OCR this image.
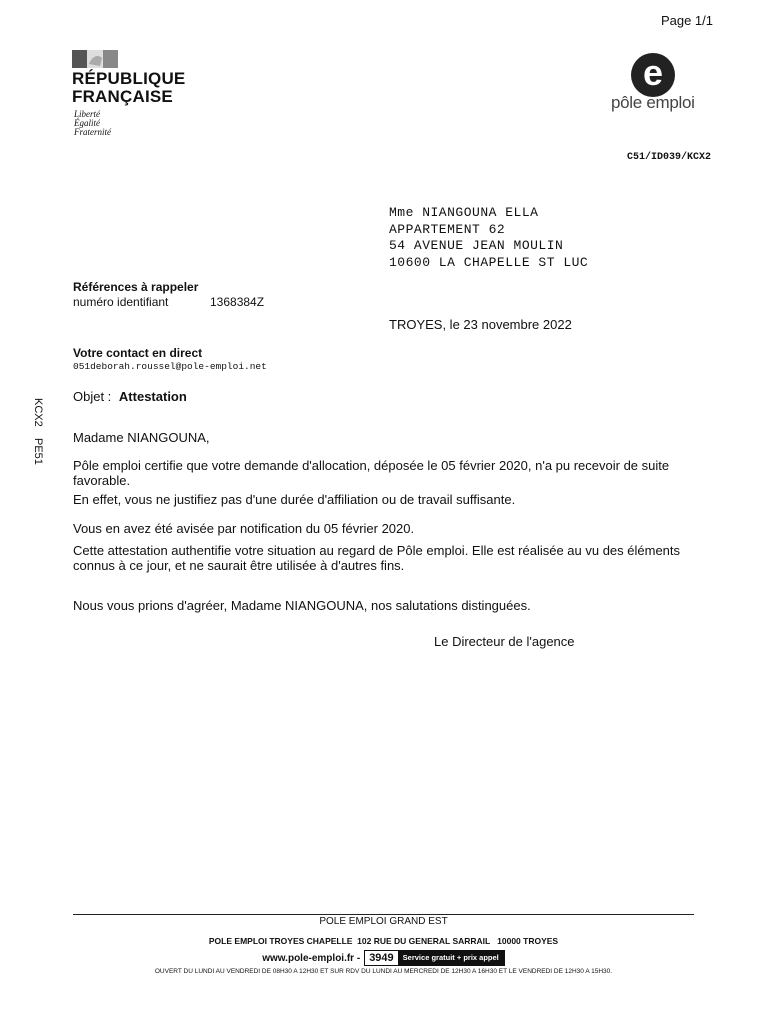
Page 1/1
RÉPUBLIQUE
FRANÇAISE
Liberté
Égalité
Fraternité
e
pôle emploi
C51/ID039/KCX2
Mme NIANGOUNA ELLA
APPARTEMENT 62
54 AVENUE JEAN MOULIN
10600 LA CHAPELLE ST LUC
Références à rappeler
numéro identifiant	1368384Z
TROYES, le 23 novembre 2022
Votre contact en direct
051deborah.roussel@pole-emploi.net
KCX2
PE51
Objet : Attestation
Madame NIANGOUNA,
Pôle emploi certifie que votre demande d'allocation, déposée le 05 février 2020, n'a pu recevoir de suite favorable.
En effet, vous ne justifiez pas d'une durée d'affiliation ou de travail suffisante.
Vous en avez été avisée par notification du 05 février 2020.
Cette attestation authentifie votre situation au regard de Pôle emploi. Elle est réalisée au vu des éléments connus à ce jour, et ne saurait être utilisée à d'autres fins.
Nous vous prions d'agréer, Madame NIANGOUNA, nos salutations distinguées.
Le Directeur de l'agence
POLE EMPLOI GRAND EST
POLE EMPLOI TROYES CHAPELLE  102 RUE DU GENERAL SARRAIL   10000 TROYES
www.pole-emploi.fr - 3949	Service gratuit + prix appel
OUVERT DU LUNDI AU VENDREDI DE 08H30 A 12H30 ET SUR RDV DU LUNDI AU MERCREDI DE 12H30 A 16H30 ET LE VENDREDI DE 12H30 A 15H30.
